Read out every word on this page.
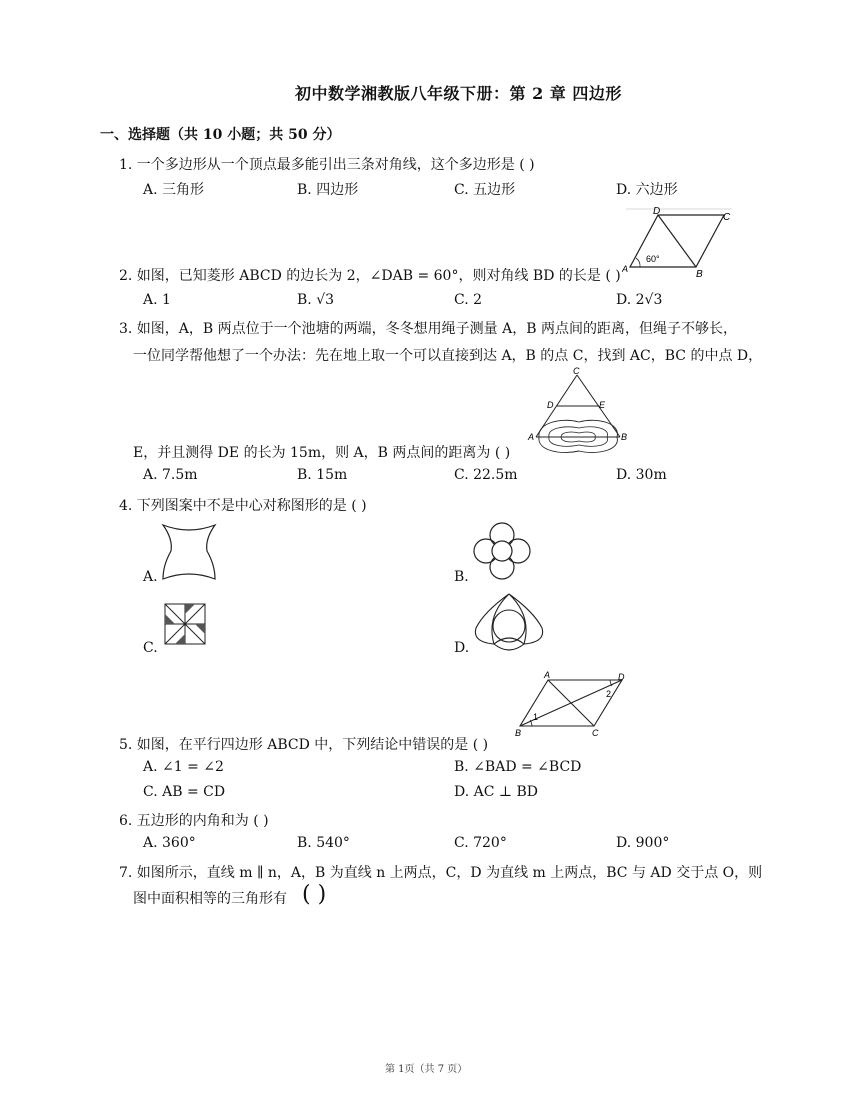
初中数学湘教版八年级下册：第 2 章 四边形
一、选择题（共 10 小题；共 50 分）
1. 一个多边形从一个顶点最多能引出三条对角线，这个多边形是 ( )
A. 三角形	B. 四边形	C. 五边形	D. 六边形
D
C
A	B
60°
2. 如图，已知菱形 ABCD 的边长为 2，∠DAB = 60°，则对角线 BD 的长是 ( )
A. 1	B. √3	C. 2	D. 2√3
3. 如图，A，B 两点位于一个池塘的两端，冬冬想用绳子测量 A，B 两点间的距离，但绳子不够长，
一位同学帮他想了一个办法：先在地上取一个可以直接到达 A，B 的点 C，找到 AC，BC 的中点 D，
C
D	E
A	B
E，并且测得 DE 的长为 15m，则 A，B 两点间的距离为 ( )
A. 7.5m	B. 15m	C. 22.5m	D. 30m
4. 下列图案中不是中心对称图形的是 ( )
A.	B.
C.	D.
A	D
B	C
1
2
5. 如图，在平行四边形 ABCD 中，下列结论中错误的是 ( )
A. ∠1 = ∠2	B. ∠BAD = ∠BCD
C. AB = CD	D. AC ⊥ BD
6. 五边形的内角和为 ( )
A. 360°	B. 540°	C. 720°	D. 900°
7. 如图所示，直线 m ∥ n，A，B 为直线 n 上两点，C，D 为直线 m 上两点，BC 与 AD 交于点 O，则
图中面积相等的三角形有 ( )
第 1页（共 7 页）
